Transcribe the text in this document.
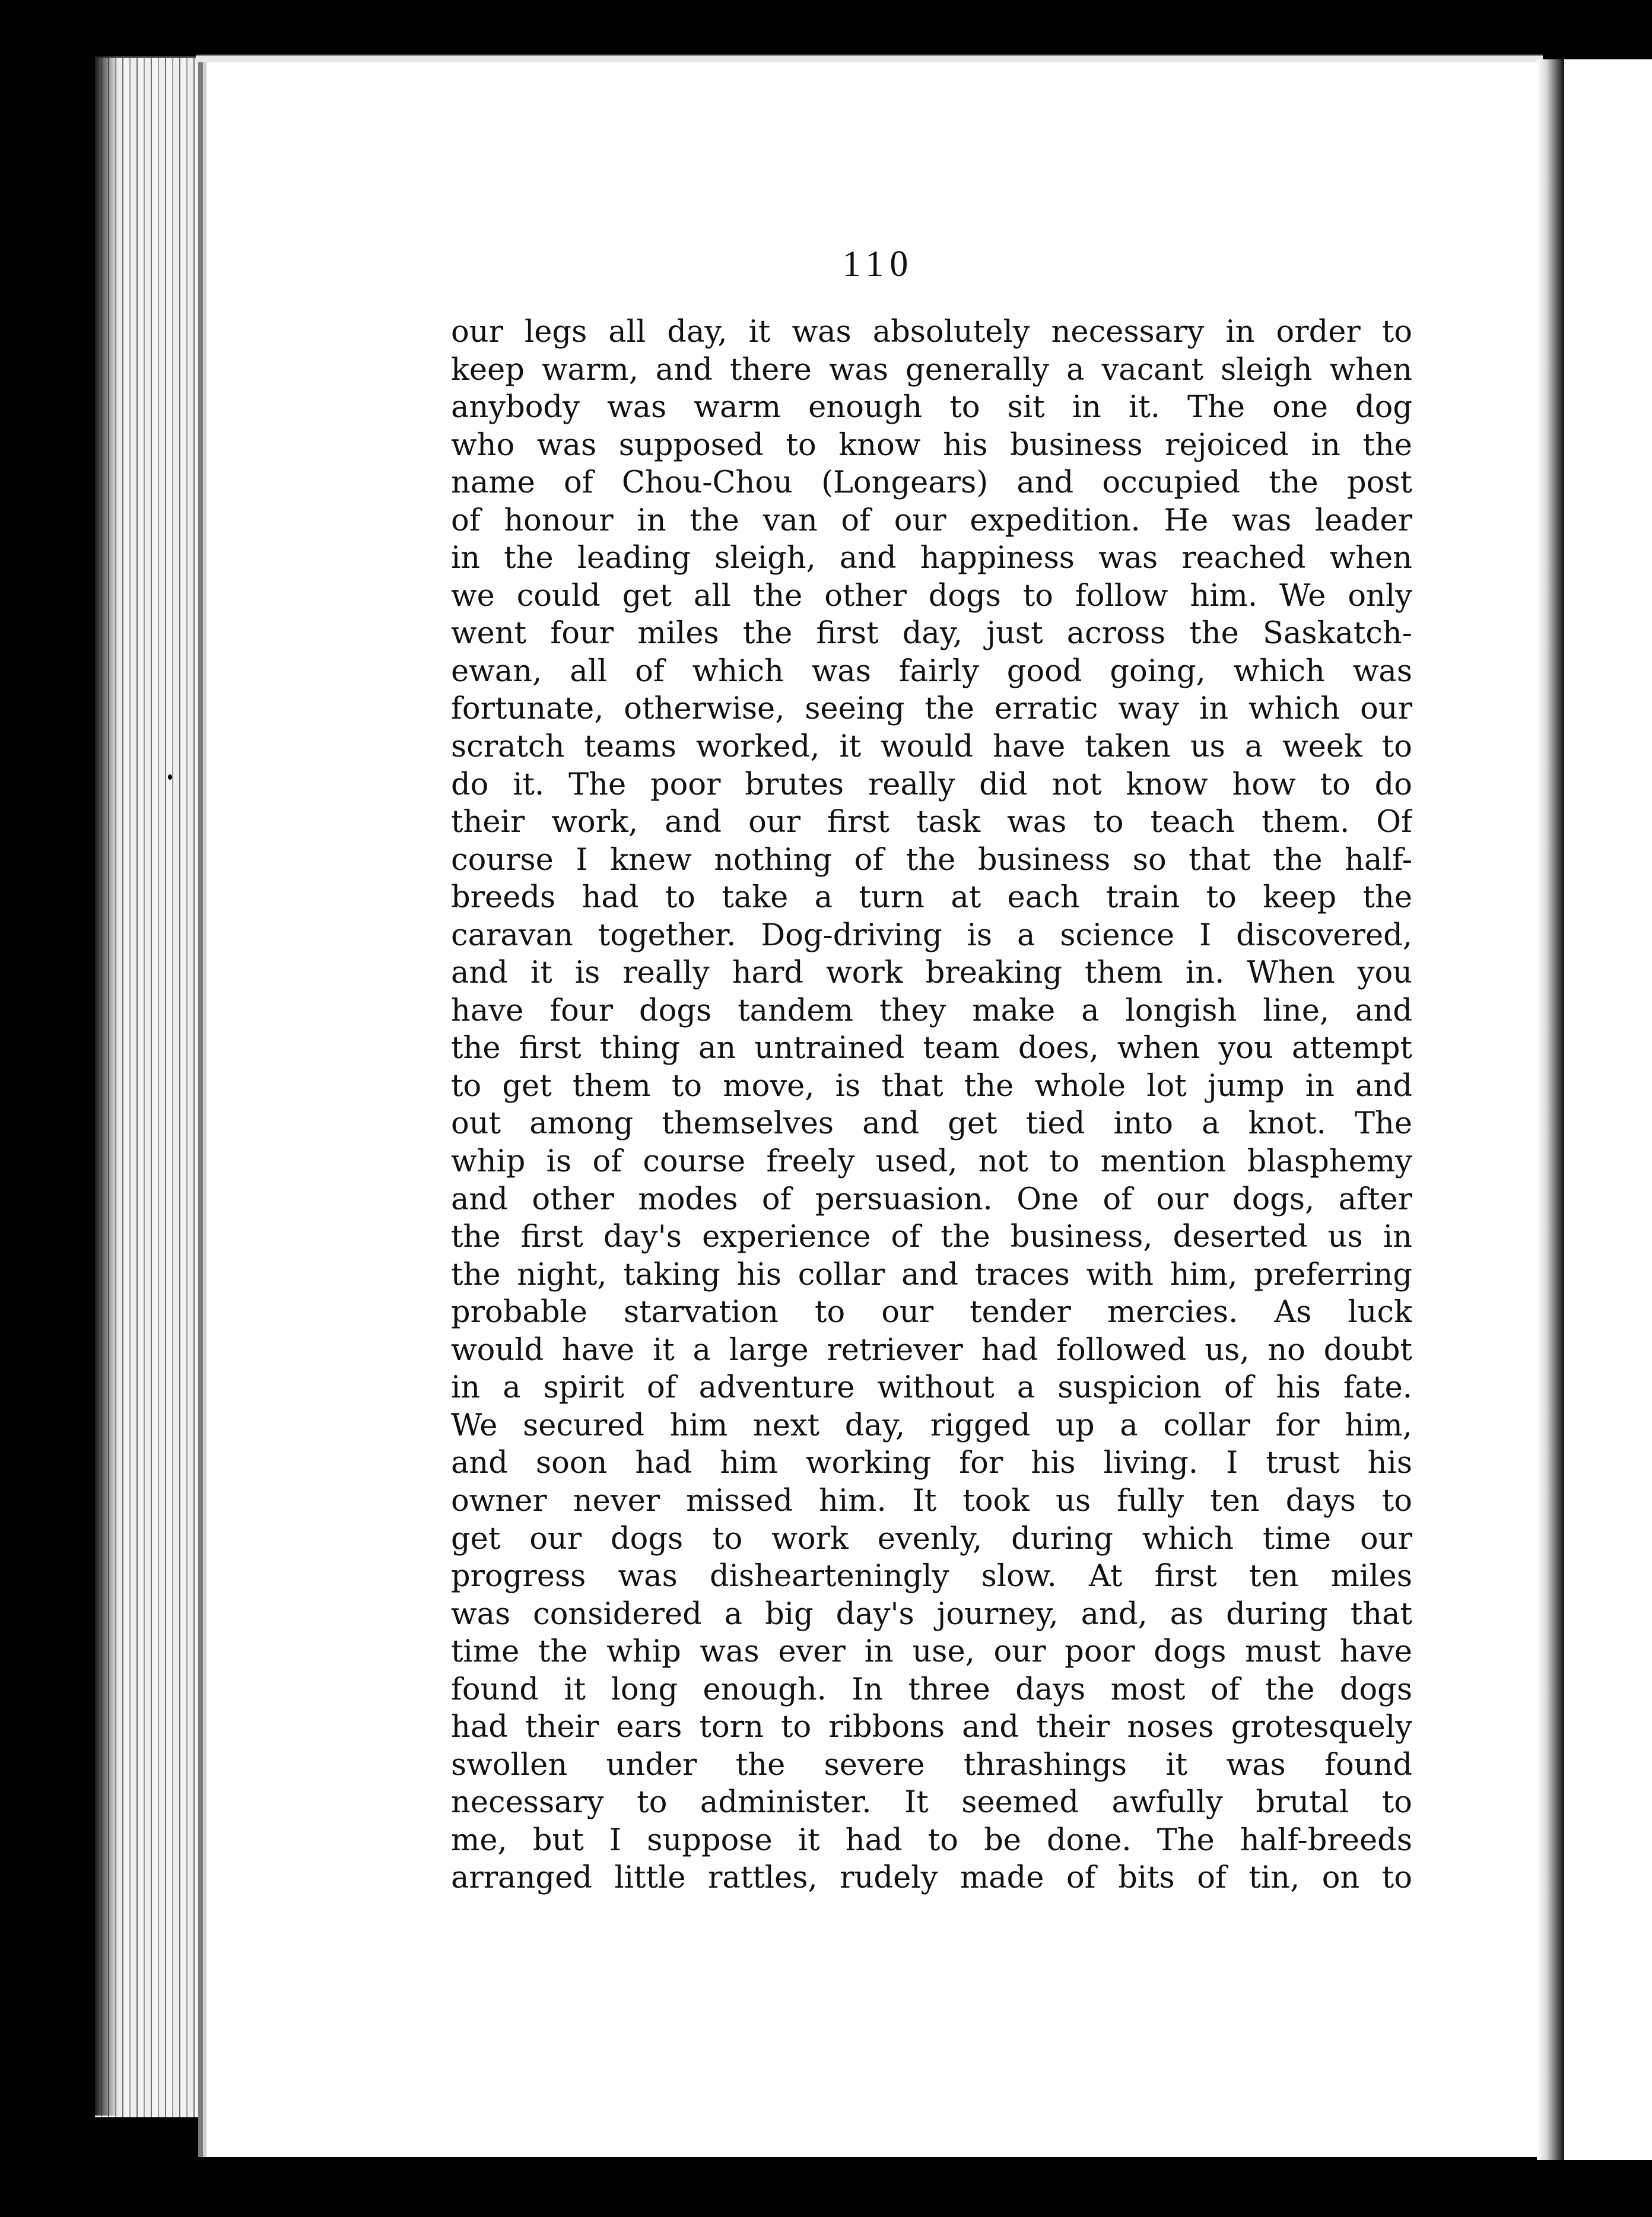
110
our legs all day, it was absolutely necessary in order to
keep warm, and there was generally a vacant sleigh when
anybody was warm enough to sit in it. The one dog
who was supposed to know his business rejoiced in the
name of Chou-Chou (Longears) and occupied the post
of honour in the van of our expedition. He was leader
in the leading sleigh, and happiness was reached when
we could get all the other dogs to follow him. We only
went four miles the first day, just across the Saskatch-
ewan, all of which was fairly good going, which was
fortunate, otherwise, seeing the erratic way in which our
scratch teams worked, it would have taken us a week to
do it. The poor brutes really did not know how to do
their work, and our first task was to teach them. Of
course I knew nothing of the business so that the half-
breeds had to take a turn at each train to keep the
caravan together. Dog-driving is a science I discovered,
and it is really hard work breaking them in. When you
have four dogs tandem they make a longish line, and
the first thing an untrained team does, when you attempt
to get them to move, is that the whole lot jump in and
out among themselves and get tied into a knot. The
whip is of course freely used, not to mention blasphemy
and other modes of persuasion. One of our dogs, after
the first day's experience of the business, deserted us in
the night, taking his collar and traces with him, preferring
probable starvation to our tender mercies. As luck
would have it a large retriever had followed us, no doubt
in a spirit of adventure without a suspicion of his fate.
We secured him next day, rigged up a collar for him,
and soon had him working for his living. I trust his
owner never missed him. It took us fully ten days to
get our dogs to work evenly, during which time our
progress was dishearteningly slow. At first ten miles
was considered a big day's journey, and, as during that
time the whip was ever in use, our poor dogs must have
found it long enough. In three days most of the dogs
had their ears torn to ribbons and their noses grotesquely
swollen under the severe thrashings it was found
necessary to administer. It seemed awfully brutal to
me, but I suppose it had to be done. The half-breeds
arranged little rattles, rudely made of bits of tin, on to
